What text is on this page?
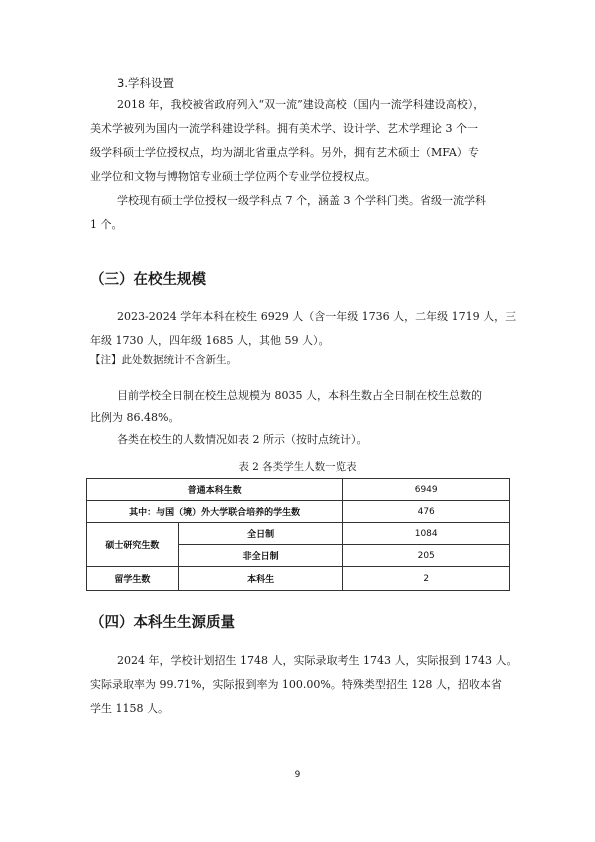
3.学科设置
2018 年，我校被省政府列入“双一流”建设高校（国内一流学科建设高校），
美术学被列为国内一流学科建设学科。拥有美术学、设计学、艺术学理论 3 个一
级学科硕士学位授权点，均为湖北省重点学科。另外，拥有艺术硕士（MFA）专
业学位和文物与博物馆专业硕士学位两个专业学位授权点。
学校现有硕士学位授权一级学科点 7 个，涵盖 3 个学科门类。省级一流学科
1 个。
（三）在校生规模
2023-2024 学年本科在校生 6929 人（含一年级 1736 人，二年级 1719 人，三
年级 1730 人，四年级 1685 人，其他 59 人）。
【注】此处数据统计不含新生。
目前学校全日制在校生总规模为 8035 人，本科生数占全日制在校生总数的
比例为 86.48%。
各类在校生的人数情况如表 2 所示（按时点统计）。
表 2 各类学生人数一览表
普通本科生数		6949
其中：与国（境）外大学联合培养的学生数		476
硕士研究生数	全日制	1084
	非全日制	205
留学生数	本科生	2
（四）本科生生源质量
2024 年，学校计划招生 1748 人，实际录取考生 1743 人，实际报到 1743 人。
实际录取率为 99.71%，实际报到率为 100.00%。特殊类型招生 128 人，招收本省
学生 1158 人。
9
